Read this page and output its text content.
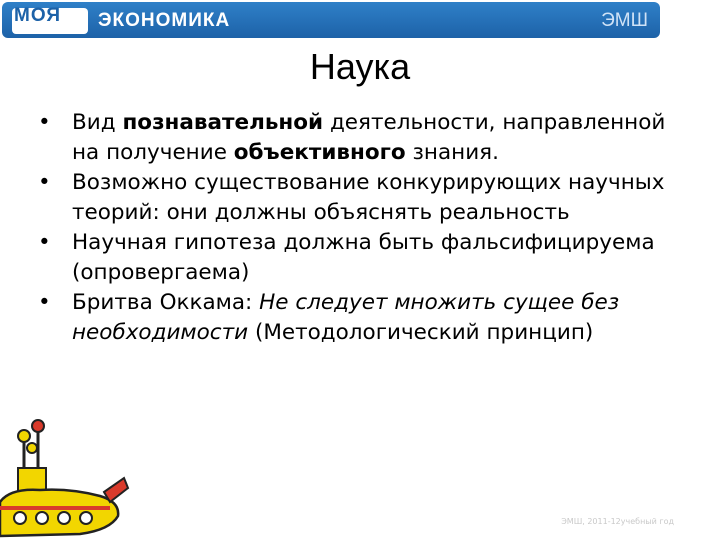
МОЯ ЭКОНОМИКА	ЭМШ
Наука
• Вид познавательной деятельности, направленной на получение объективного знания.
• Возможно существование конкурирующих научных теорий: они должны объяснять реальность
• Научная гипотеза должна быть фальсифицируема (опровергаема)
• Бритва Оккама: Не следует множить сущее без необходимости (Методологический принцип)
ЭМШ, 2011-12учебный год
